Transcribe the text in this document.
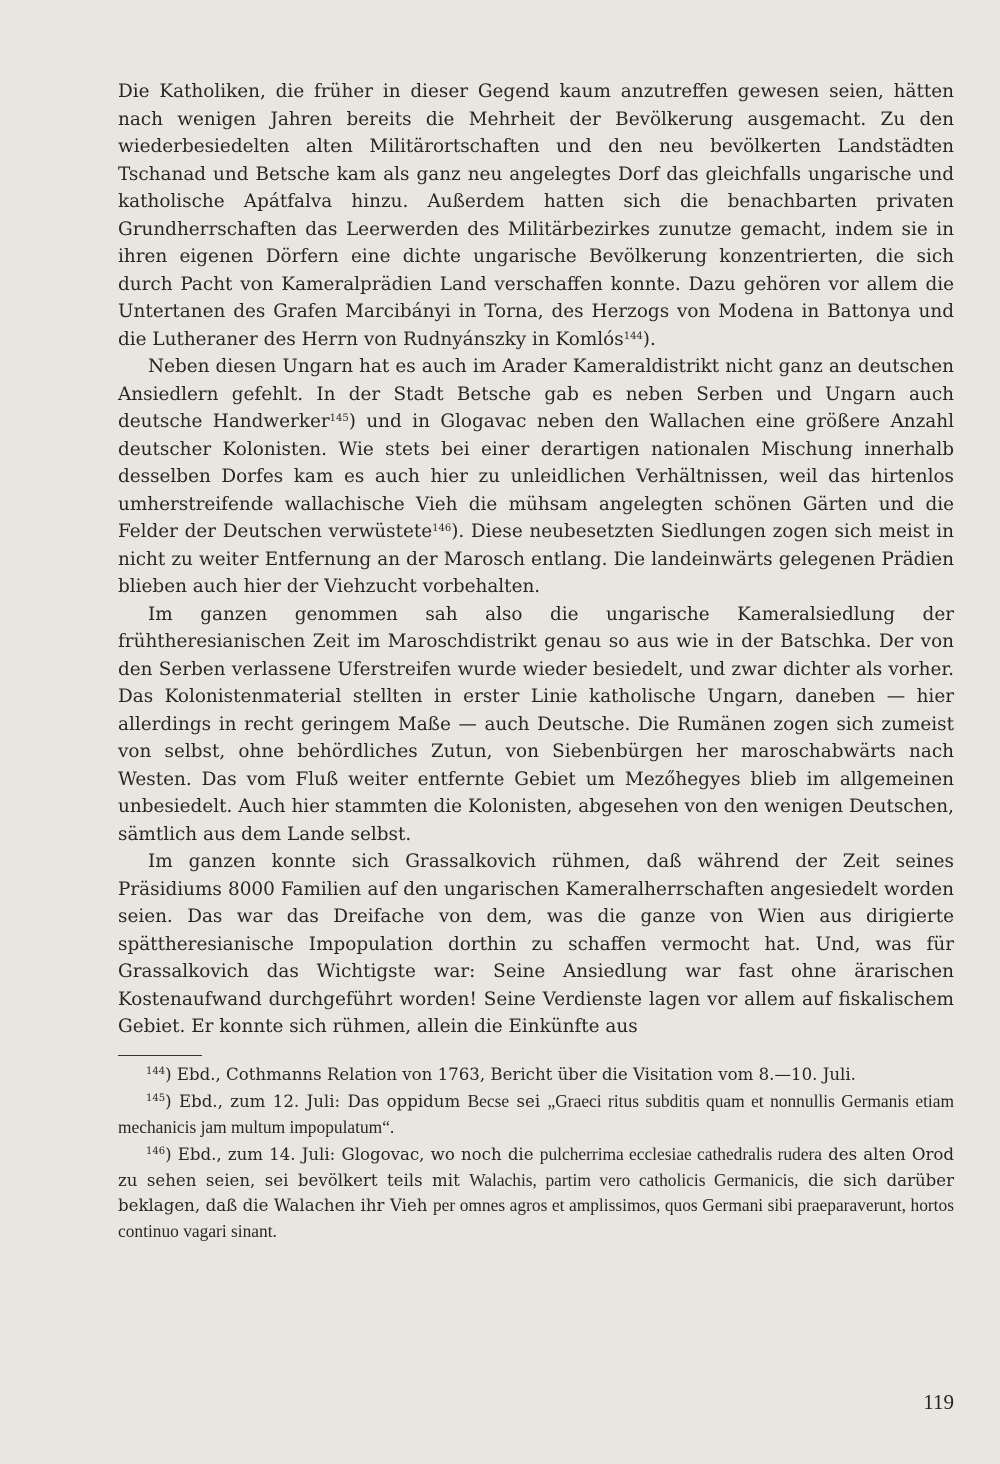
Die Katholiken, die früher in dieser Gegend kaum anzutreffen gewesen seien, hätten nach wenigen Jahren bereits die Mehrheit der Bevölkerung ausgemacht. Zu den wiederbesiedelten alten Militärortschaften und den neu bevölkerten Landstädten Tschanad und Betsche kam als ganz neu angelegtes Dorf das gleichfalls ungarische und katholische Apátfalva hinzu. Außerdem hatten sich die benachbarten privaten Grundherrschaften das Leerwerden des Militärbezirkes zunutze gemacht, indem sie in ihren eigenen Dörfern eine dichte ungarische Bevölkerung konzentrierten, die sich durch Pacht von Kameralprädien Land verschaffen konnte. Dazu gehören vor allem die Untertanen des Grafen Marcibányi in Torna, des Herzogs von Modena in Battonya und die Lutheraner des Herrn von Rudnyánszky in Komlós$^{144}$).

Neben diesen Ungarn hat es auch im Arader Kameraldistrikt nicht ganz an deutschen Ansiedlern gefehlt. In der Stadt Betsche gab es neben Serben und Ungarn auch deutsche Handwerker$^{145}$) und in Glogavac neben den Wallachen eine größere Anzahl deutscher Kolonisten. Wie stets bei einer derartigen nationalen Mischung innerhalb desselben Dorfes kam es auch hier zu unleidlichen Verhältnissen, weil das hirtenlos umherstreifende wallachische Vieh die mühsam angelegten schönen Gärten und die Felder der Deutschen verwüstete$^{146}$). Diese neubesetzten Siedlungen zogen sich meist in nicht zu weiter Entfernung an der Marosch entlang. Die landeinwärts gelegenen Prädien blieben auch hier der Viehzucht vorbehalten.

Im ganzen genommen sah also die ungarische Kameralsiedlung der frühtheresianischen Zeit im Maroschdistrikt genau so aus wie in der Batschka. Der von den Serben verlassene Uferstreifen wurde wieder besiedelt, und zwar dichter als vorher. Das Kolonistenmaterial stellten in erster Linie katholische Ungarn, daneben — hier allerdings in recht geringem Maße — auch Deutsche. Die Rumänen zogen sich zumeist von selbst, ohne behördliches Zutun, von Siebenbürgen her maroschabwärts nach Westen. Das vom Fluß weiter entfernte Gebiet um Mezőhegyes blieb im allgemeinen unbesiedelt. Auch hier stammten die Kolonisten, abgesehen von den wenigen Deutschen, sämtlich aus dem Lande selbst.

Im ganzen konnte sich Grassalkovich rühmen, daß während der Zeit seines Präsidiums 8000 Familien auf den ungarischen Kameralherrschaften angesiedelt worden seien. Das war das Dreifache von dem, was die ganze von Wien aus dirigierte spättheresianische Impopulation dorthin zu schaffen vermocht hat. Und, was für Grassalkovich das Wichtigste war: Seine Ansiedlung war fast ohne ärarischen Kostenaufwand durchgeführt worden! Seine Verdienste lagen vor allem auf fiskalischem Gebiet. Er konnte sich rühmen, allein die Einkünfte aus

$^{144}$) Ebd., Cothmanns Relation von 1763, Bericht über die Visitation vom 8.—10. Juli.

$^{145}$) Ebd., zum 12. Juli: Das oppidum Becse sei „Graeci ritus subditis quam et nonnullis Germanis etiam mechanicis jam multum impopulatum“.

$^{146}$) Ebd., zum 14. Juli: Glogovac, wo noch die pulcherrima ecclesiae cathedralis rudera des alten Orod zu sehen seien, sei bevölkert teils mit Walachis, partim vero catholicis Germanicis, die sich darüber beklagen, daß die Walachen ihr Vieh per omnes agros et amplissimos, quos Germani sibi praeparaverunt, hortos continuo vagari sinant.

119
